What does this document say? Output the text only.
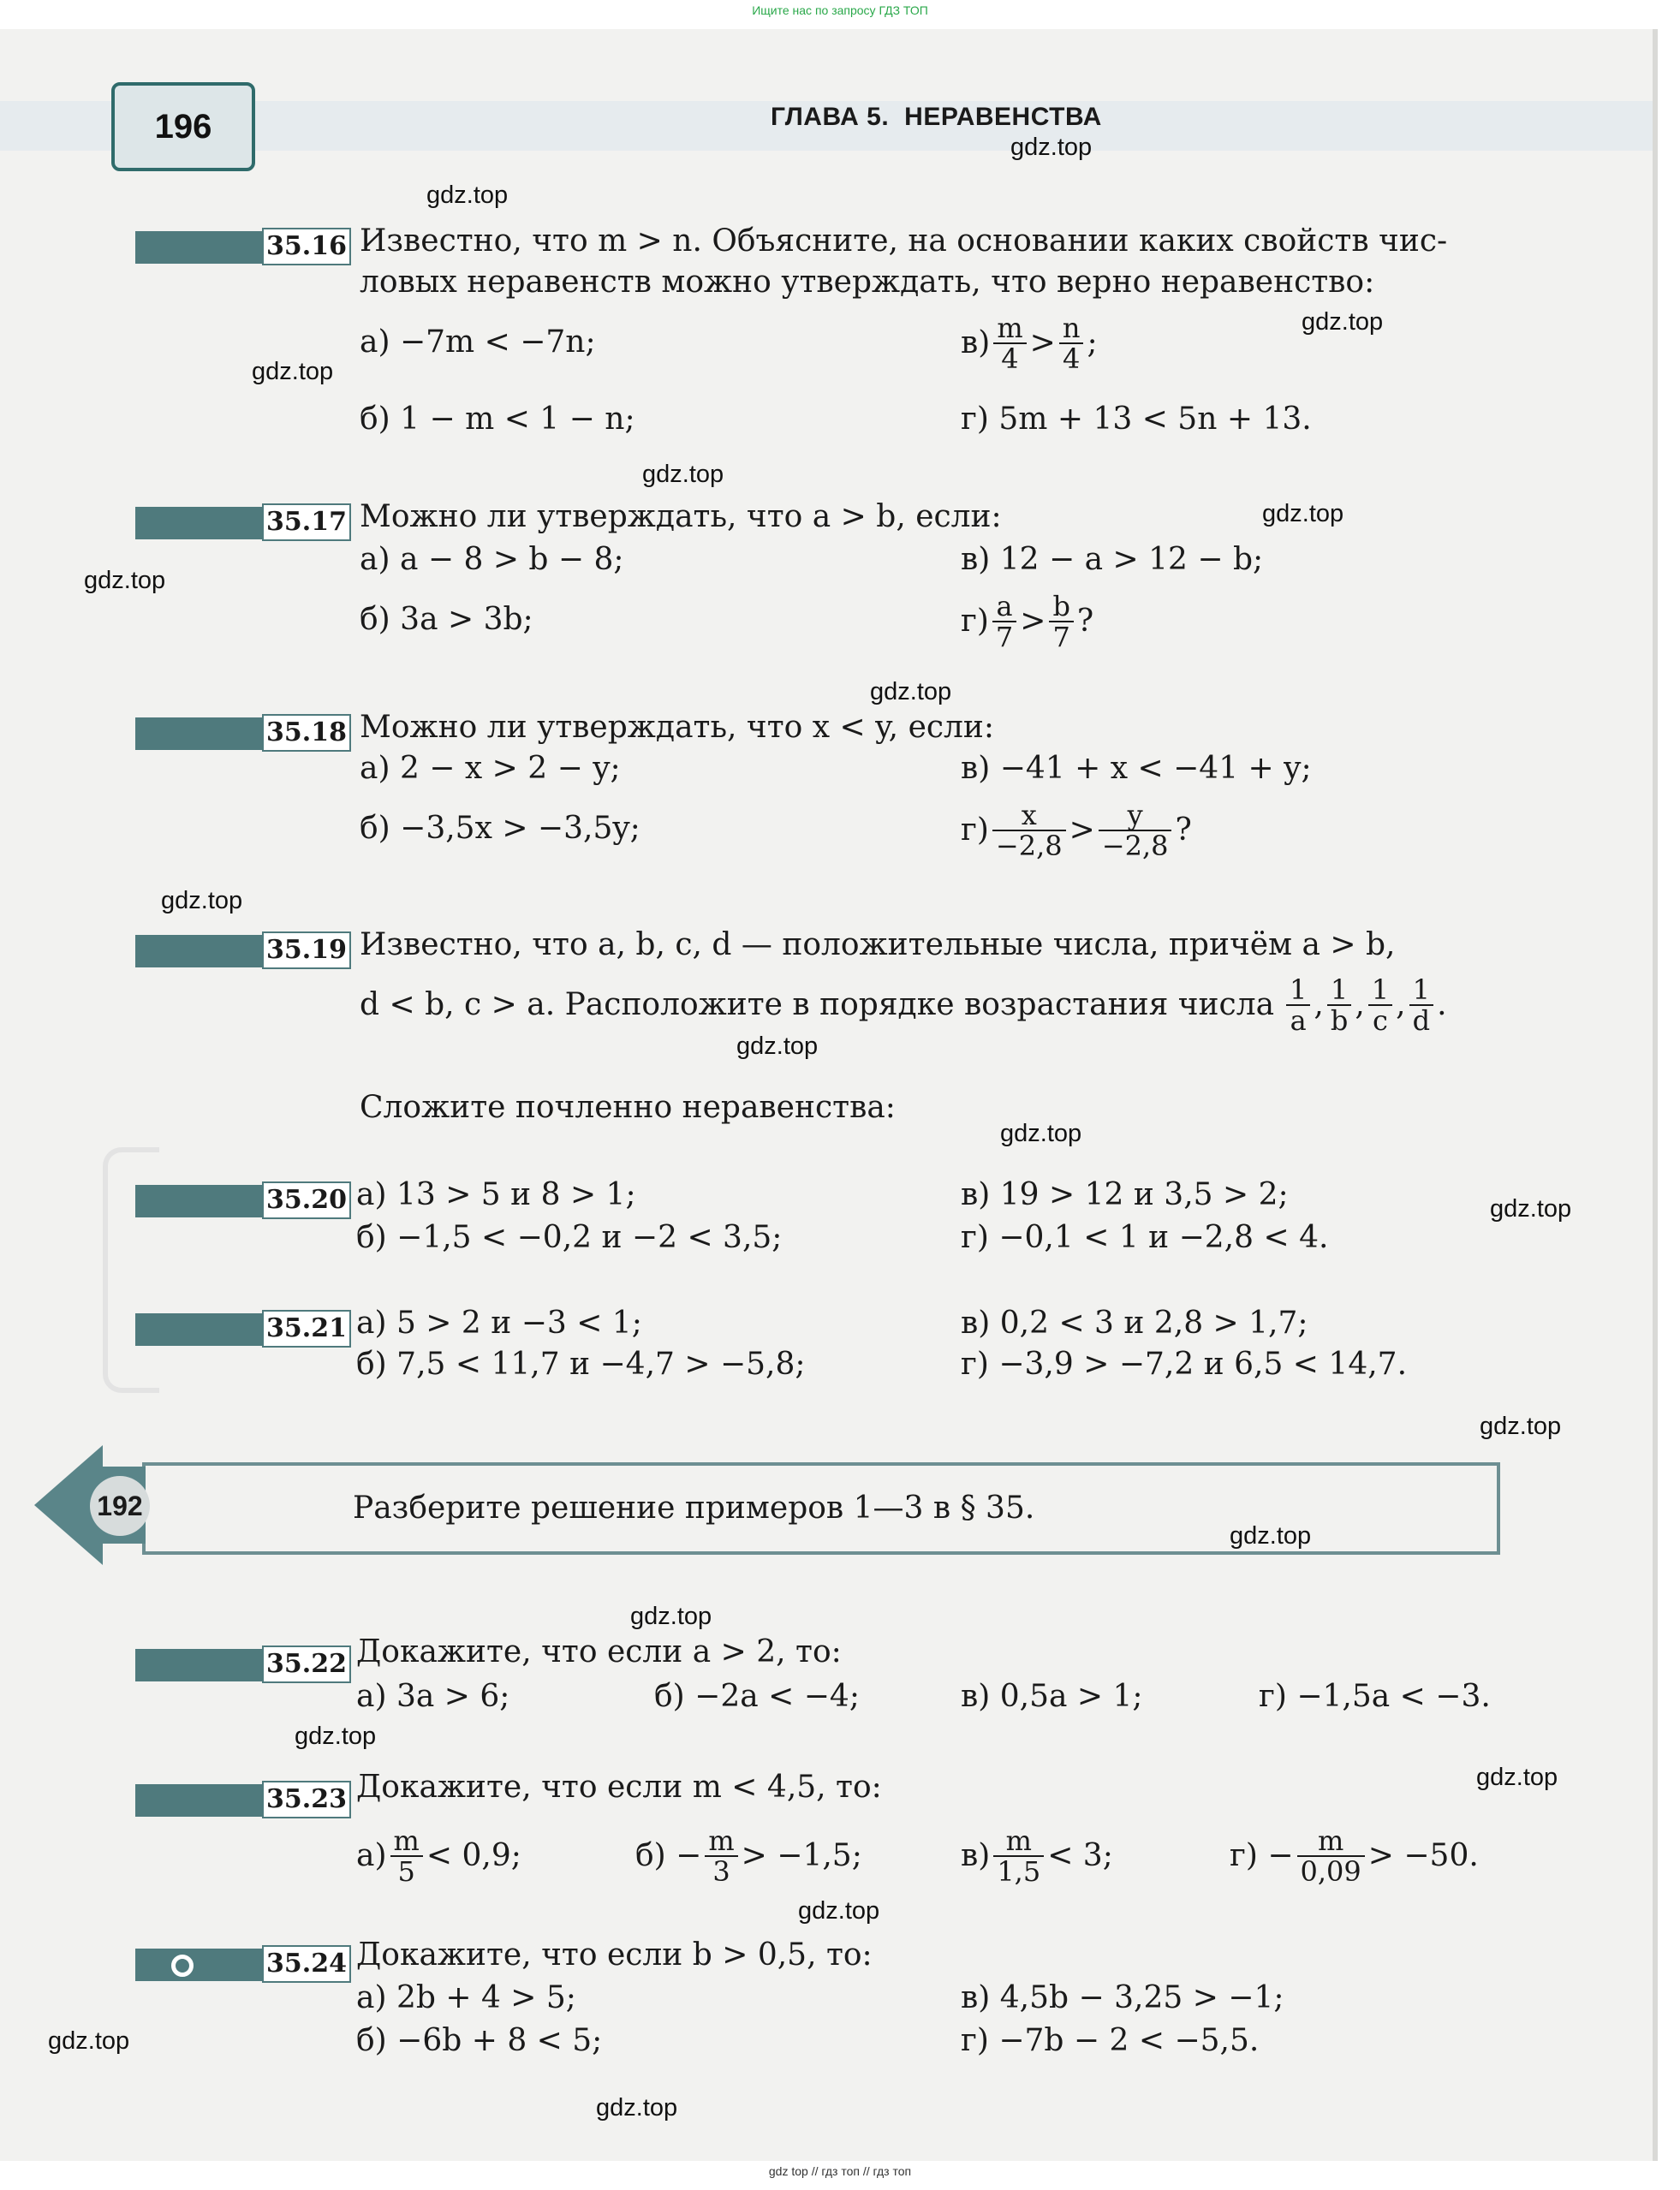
Ищите нас по запросу ГДЗ ТОП
196	ГЛАВА 5. НЕРАВЕНСТВА
gdz.top
gdz.top
gdz.top
gdz.top
gdz.top
gdz.top
gdz.top
gdz.top
gdz.top
gdz.top
gdz.top
gdz.top
gdz.top
gdz.top
gdz.top
gdz.top
gdz.top
gdz.top
gdz.top
gdz.top
35.16 Известно, что m > n. Объясните, на основании каких свойств чис-
ловых неравенств можно утверждать, что верно неравенство:
а) −7m < −7n;	$в) \frac{m}{4} > \frac{n}{4}$ ;
б) 1 − m < 1 − n;	г) 5m + 13 < 5n + 13.
35.17 Можно ли утверждать, что a > b, если:
а) a − 8 > b − 8;	в) 12 − a > 12 − b;
б) 3a > 3b;	$г) \frac{a}{7} > \frac{b}{7}$ ?
35.18 Можно ли утверждать, что x < y, если:
а) 2 − x > 2 − y;	в) −41 + x < −41 + y;
б) −3,5x > −3,5y;	$г) \frac{x}{-2,8} > \frac{y}{-2,8}$ ?
35.19 Известно, что a, b, c, d — положительные числа, причём a > b,
d < b, c > a. Расположите в порядке возрастания числа $\frac{1}{a}$ , $\frac{1}{b}$ , $\frac{1}{c}$ , $\frac{1}{d}$ .
Сложите почленно неравенства:
35.20 а) 13 > 5 и 8 > 1;	в) 19 > 12 и 3,5 > 2;
б) −1,5 < −0,2 и −2 < 3,5;	г) −0,1 < 1 и −2,8 < 4.
35.21 а) 5 > 2 и −3 < 1;	в) 0,2 < 3 и 2,8 > 1,7;
б) 7,5 < 11,7 и −4,7 > −5,8;	г) −3,9 > −7,2 и 6,5 < 14,7.
192	Разберите решение примеров 1—3 в § 35.
35.22 Докажите, что если a > 2, то:
а) 3a > 6;	б) −2a < −4;	в) 0,5a > 1;	г) −1,5a < −3.
35.23 Докажите, что если m < 4,5, то:
$а) \frac{m}{5} < 0,9$;	$б) - \frac{m}{3} > -1,5$;	$в) \frac{m}{1,5} < 3$;	$г) - \frac{m}{0,09} > -50$.
35.24 Докажите, что если b > 0,5, то:
а) 2b + 4 > 5;	в) 4,5b − 3,25 > −1;
б) −6b + 8 < 5;	г) −7b − 2 < −5,5.
gdz top // гдз топ // гдз топ
